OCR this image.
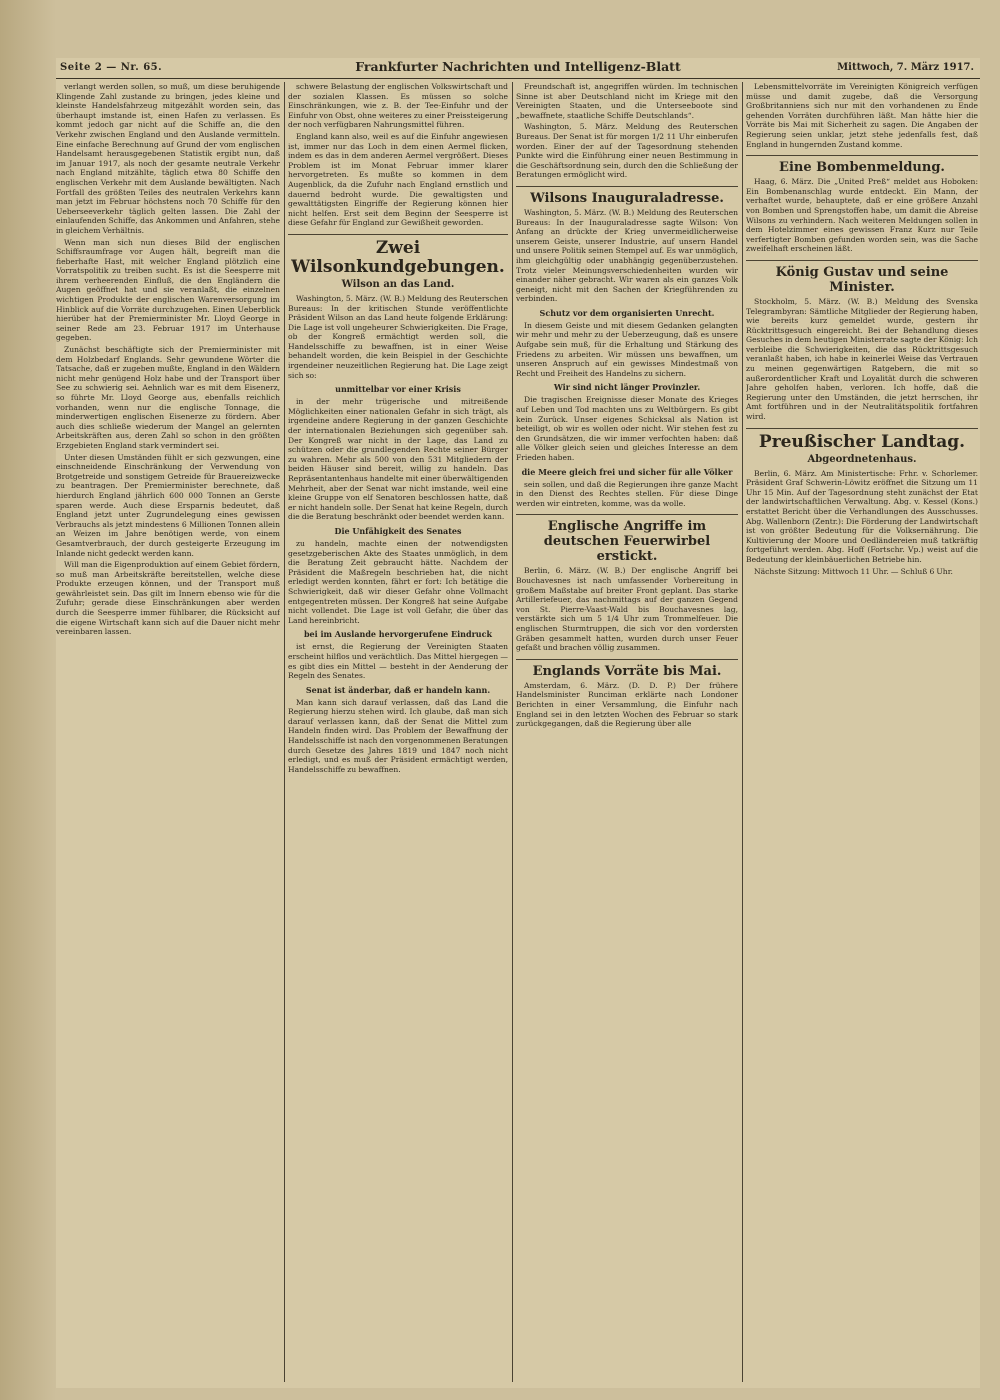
Seite 2 — Nr. 65.	Frankfurter Nachrichten und Intelligenz-Blatt	Mittwoch, 7. März 1917.

verlangt werden sollen, so muß, um diese beruhigende Klingende Zahl zustande zu bringen, jedes kleine und kleinste Handelsfahrzeug mitgezählt worden sein, das überhaupt imstande ist, einen Hafen zu verlassen. Es kommt jedoch gar nicht auf die Schiffe an, die den Verkehr zwischen England und den Auslande vermitteln. Eine einfache Berechnung auf Grund der vom englischen Handelsamt herausgegebenen Statistik ergibt nun, daß im Januar 1917, als noch der gesamte neutrale Verkehr nach England mitzählte, täglich etwa 80 Schiffe den englischen Verkehr mit dem Auslande bewältigten. Nach Fortfall des größten Teiles des neutralen Verkehrs kann man jetzt im Februar höchstens noch 70 Schiffe für den Ueberseeverkehr täglich gelten lassen. Die Zahl der einlaufenden Schiffe, das Ankommen und Anfahren, stehe in gleichem Verhältnis.

Wenn man sich nun dieses Bild der englischen Schiffsraumfrage vor Augen hält, begreift man die fieberhafte Hast, mit welcher England plötzlich eine Vorratspolitik zu treiben sucht. Es ist die Seesperre mit ihrem verheerenden Einfluß, die den Engländern die Augen geöffnet hat und sie veranlaßt, die einzelnen wichtigen Produkte der englischen Warenversorgung im Hinblick auf die Vorräte durchzugehen. Einen Ueberblick hierüber hat der Premierminister Mr. Lloyd George in seiner Rede am 23. Februar 1917 im Unterhause gegeben.

Zunächst beschäftigte sich der Premierminister mit dem Holzbedarf Englands. Sehr gewundene Wörter die Tatsache, daß er zugeben mußte, England in den Wäldern nicht mehr genügend Holz habe und der Transport über See zu schwierig sei. Aehnlich war es mit dem Eisenerz, so führte Mr. Lloyd George aus, ebenfalls reichlich vorhanden, wenn nur die englische Tonnage, die minderwertigen englischen Eisenerze zu fördern. Aber auch dies schließe wiederum der Mangel an gelernten Arbeitskräften aus, deren Zahl so schon in den größten Erzgebieten England stark vermindert sei.

Unter diesen Umständen fühlt er sich gezwungen, eine einschneidende Einschränkung der Verwendung von Brotgetreide und sonstigem Getreide für Brauereizwecke zu beantragen. Der Premierminister berechnete, daß hierdurch England jährlich 600 000 Tonnen an Gerste sparen werde. Auch diese Ersparnis bedeutet, daß England jetzt unter Zugrundelegung eines gewissen Verbrauchs als jetzt mindestens 6 Millionen Tonnen allein an Weizen im Jahre benötigen werde, von einem Gesamtverbrauch, der durch gesteigerte Erzeugung im Inlande nicht gedeckt werden kann.

Will man die Eigenproduktion auf einem Gebiet fördern, so muß man Arbeitskräfte bereitstellen, welche diese Produkte erzeugen können, und der Transport muß gewährleistet sein. Das gilt im Innern ebenso wie für die Zufuhr; gerade diese Einschränkungen aber werden durch die Seesperre immer fühlbarer, die Rücksicht auf die eigene Wirtschaft kann sich auf die Dauer nicht mehr vereinbaren lassen.

schwere Belastung der englischen Volkswirtschaft und der sozialen Klassen. Es müssen so solche Einschränkungen, wie z. B. der Tee-Einfuhr und der Einfuhr von Obst, ohne weiteres zu einer Preissteigerung der noch verfügbaren Nahrungsmittel führen.

England kann also, weil es auf die Einfuhr angewiesen ist, immer nur das Loch in dem einen Aermel flicken, indem es das in dem anderen Aermel vergrößert. Dieses Problem ist im Monat Februar immer klarer hervorgetreten. Es mußte so kommen in dem Augenblick, da die Zufuhr nach England ernstlich und dauernd bedroht wurde. Die gewaltigsten und gewalttätigsten Eingriffe der Regierung können hier nicht helfen. Erst seit dem Beginn der Seesperre ist diese Gefahr für England zur Gewißheit geworden.

Zwei Wilsonkundgebungen.
Wilson an das Land.

Washington, 5. März. (W. B.) Meldung des Reuterschen Bureaus: In der kritischen Stunde veröffentlichte Präsident Wilson an das Land heute folgende Erklärung: Die Lage ist voll ungeheurer Schwierigkeiten. Die Frage, ob der Kongreß ermächtigt werden soll, die Handelsschiffe zu bewaffnen, ist in einer Weise behandelt worden, die kein Beispiel in der Geschichte irgendeiner neuzeitlichen Regierung hat. Die Lage zeigt sich so:

unmittelbar vor einer Krisis

in der mehr trügerische und mitreißende Möglichkeiten einer nationalen Gefahr in sich trägt, als irgendeine andere Regierung in der ganzen Geschichte der internationalen Beziehungen sich gegenüber sah. Der Kongreß war nicht in der Lage, das Land zu schützen oder die grundlegenden Rechte seiner Bürger zu wahren. Mehr als 500 von den 531 Mitgliedern der beiden Häuser sind bereit, willig zu handeln. Das Repräsentantenhaus handelte mit einer überwältigenden Mehrheit, aber der Senat war nicht imstande, weil eine kleine Gruppe von elf Senatoren beschlossen hatte, daß er nicht handeln solle. Der Senat hat keine Regeln, durch die die Beratung beschränkt oder beendet werden kann.

Die Unfähigkeit des Senates

zu handeln, machte einen der notwendigsten gesetzgeberischen Akte des Staates unmöglich, in dem die Beratung Zeit gebraucht hätte. Nachdem der Präsident die Maßregeln beschrieben hat, die nicht erledigt werden konnten, fährt er fort: Ich betätige die Schwierigkeit, daß wir dieser Gefahr ohne Vollmacht entgegentreten müssen. Der Kongreß hat seine Aufgabe nicht vollendet. Die Lage ist voll Gefahr, die über das Land hereinbricht.

bei im Auslande hervorgerufene Eindruck

ist ernst, die Regierung der Vereinigten Staaten erscheint hilflos und verächtlich. Das Mittel hiergegen — es gibt dies ein Mittel — besteht in der Aenderung der Regeln des Senates.

Senat ist änderbar, daß er handeln kann.

Man kann sich darauf verlassen, daß das Land die Regierung hierzu stehen wird. Ich glaube, daß man sich darauf verlassen kann, daß der Senat die Mittel zum Handeln finden wird. Das Problem der Bewaffnung der Handelsschiffe ist nach den vorgenommenen Beratungen durch Gesetze des Jahres 1819 und 1847 noch nicht erledigt, und es muß der Präsident ermächtigt werden, Handelsschiffe zu bewaffnen.

Freundschaft ist, angegriffen würden. Im technischen Sinne ist aber Deutschland nicht im Kriege mit den Vereinigten Staaten, und die Unterseeboote sind „bewaffnete, staatliche Schiffe Deutschlands“.

Washington, 5. März. Meldung des Reuterschen Bureaus. Der Senat ist für morgen 1/2 11 Uhr einberufen worden. Einer der auf der Tagesordnung stehenden Punkte wird die Einführung einer neuen Bestimmung in die Geschäftsordnung sein, durch den die Schließung der Beratungen ermöglicht wird.

Wilsons Inauguraladresse.

Washington, 5. März. (W. B.) Meldung des Reuterschen Bureaus: In der Inauguraladresse sagte Wilson: Von Anfang an drückte der Krieg unvermeidlicherweise unserem Geiste, unserer Industrie, auf unsern Handel und unsere Politik seinen Stempel auf. Es war unmöglich, ihm gleichgültig oder unabhängig gegenüberzustehen. Trotz vieler Meinungsverschiedenheiten wurden wir einander näher gebracht. Wir waren als ein ganzes Volk geneigt, nicht mit den Sachen der Kriegführenden zu verbinden.

Schutz vor dem organisierten Unrecht.

In diesem Geiste und mit diesem Gedanken gelangten wir mehr und mehr zu der Ueberzeugung, daß es unsere Aufgabe sein muß, für die Erhaltung und Stärkung des Friedens zu arbeiten. Wir müssen uns bewaffnen, um unseren Anspruch auf ein gewisses Mindestmaß von Recht und Freiheit des Handelns zu sichern.

Wir sind nicht länger Provinzler.

Die tragischen Ereignisse dieser Monate des Krieges auf Leben und Tod machten uns zu Weltbürgern. Es gibt kein Zurück. Unser eigenes Schicksal als Nation ist beteiligt, ob wir es wollen oder nicht. Wir stehen fest zu den Grundsätzen, die wir immer verfochten haben: daß alle Völker gleich seien und gleiches Interesse an dem Frieden haben.

die Meere gleich frei und sicher für alle Völker

sein sollen, und daß die Regierungen ihre ganze Macht in den Dienst des Rechtes stellen. Für diese Dinge werden wir eintreten, komme, was da wolle.

Englische Angriffe im deutschen Feuerwirbel erstickt.

Berlin, 6. März. (W. B.) Der englische Angriff bei Bouchavesnes ist nach umfassender Vorbereitung in großem Maßstabe auf breiter Front geplant. Das starke Artilleriefeuer, das nachmittags auf der ganzen Gegend von St. Pierre-Vaast-Wald bis Bouchavesnes lag, verstärkte sich um 5 1/4 Uhr zum Trommelfeuer. Die englischen Sturmtruppen, die sich vor den vordersten Gräben gesammelt hatten, wurden durch unser Feuer gefaßt und brachen völlig zusammen.

Englands Vorräte bis Mai.

Amsterdam, 6. März. (D. D. P.) Der frühere Handelsminister Runciman erklärte nach Londoner Berichten in einer Versammlung, die Einfuhr nach England sei in den letzten Wochen des Februar so stark zurückgegangen, daß die Regierung über alle

Lebensmittelvorräte im Vereinigten Königreich verfügen müsse und damit zugebe, daß die Versorgung Großbritanniens sich nur mit den vorhandenen zu Ende gehenden Vorräten durchführen läßt. Man hätte hier die Vorräte bis Mai mit Sicherheit zu sagen. Die Angaben der Regierung seien unklar, jetzt stehe jedenfalls fest, daß England in hungernden Zustand komme.

Eine Bombenmeldung.

Haag, 6. März. Die „United Preß“ meldet aus Hoboken: Ein Bombenanschlag wurde entdeckt. Ein Mann, der verhaftet wurde, behauptete, daß er eine größere Anzahl von Bomben und Sprengstoffen habe, um damit die Abreise Wilsons zu verhindern. Nach weiteren Meldungen sollen in dem Hotelzimmer eines gewissen Franz Kurz nur Teile verfertigter Bomben gefunden worden sein, was die Sache zweifelhaft erscheinen läßt.

König Gustav und seine Minister.

Stockholm, 5. März. (W. B.) Meldung des Svenska Telegrambyran: Sämtliche Mitglieder der Regierung haben, wie bereits kurz gemeldet wurde, gestern ihr Rücktrittsgesuch eingereicht. Bei der Behandlung dieses Gesuches in dem heutigen Ministerrate sagte der König: Ich verbleibe die Schwierigkeiten, die das Rücktrittsgesuch veranlaßt haben, ich habe in keinerlei Weise das Vertrauen zu meinen gegenwärtigen Ratgebern, die mit so außerordentlicher Kraft und Loyalität durch die schweren Jahre geholfen haben, verloren. Ich hoffe, daß die Regierung unter den Umständen, die jetzt herrschen, ihr Amt fortführen und in der Neutralitätspolitik fortfahren wird.

Preußischer Landtag.
Abgeordnetenhaus.

Berlin, 6. März. Am Ministertische: Frhr. v. Schorlemer. Präsident Graf Schwerin-Löwitz eröffnet die Sitzung um 11 Uhr 15 Min. Auf der Tagesordnung steht zunächst der Etat der landwirtschaftlichen Verwaltung. Abg. v. Kessel (Kons.) erstattet Bericht über die Verhandlungen des Ausschusses. Abg. Wallenborn (Zentr.): Die Förderung der Landwirtschaft ist von größter Bedeutung für die Volksernährung. Die Kultivierung der Moore und Oedländereien muß tatkräftig fortgeführt werden. Abg. Hoff (Fortschr. Vp.) weist auf die Bedeutung der kleinbäuerlichen Betriebe hin.

Nächste Sitzung: Mittwoch 11 Uhr. — Schluß 6 Uhr.
